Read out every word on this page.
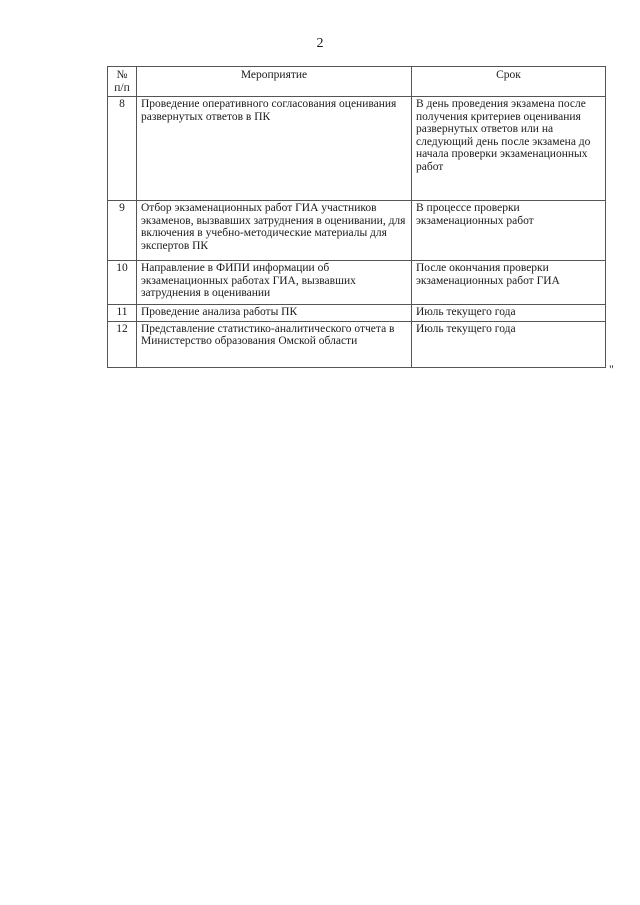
2
№ п/п	Мероприятие	Срок
8	Проведение оперативного согласования оценивания развернутых ответов в ПК	В день проведения экзамена после получения критериев оценивания развернутых ответов или на следующий день после экзамена до начала проверки экзаменационных работ
9	Отбор экзаменационных работ ГИА участников экзаменов, вызвавших затруднения в оценивании, для включения в учебно-методические материалы для экспертов ПК	В процессе проверки экзаменационных работ
10	Направление в ФИПИ информации об экзаменационных работах ГИА, вызвавших затруднения в оценивании	После окончания проверки экзаменационных работ ГИА
11	Проведение анализа работы ПК	Июль текущего года
12	Представление статистико-аналитического отчета в Министерство образования Омской области	Июль текущего года
"
